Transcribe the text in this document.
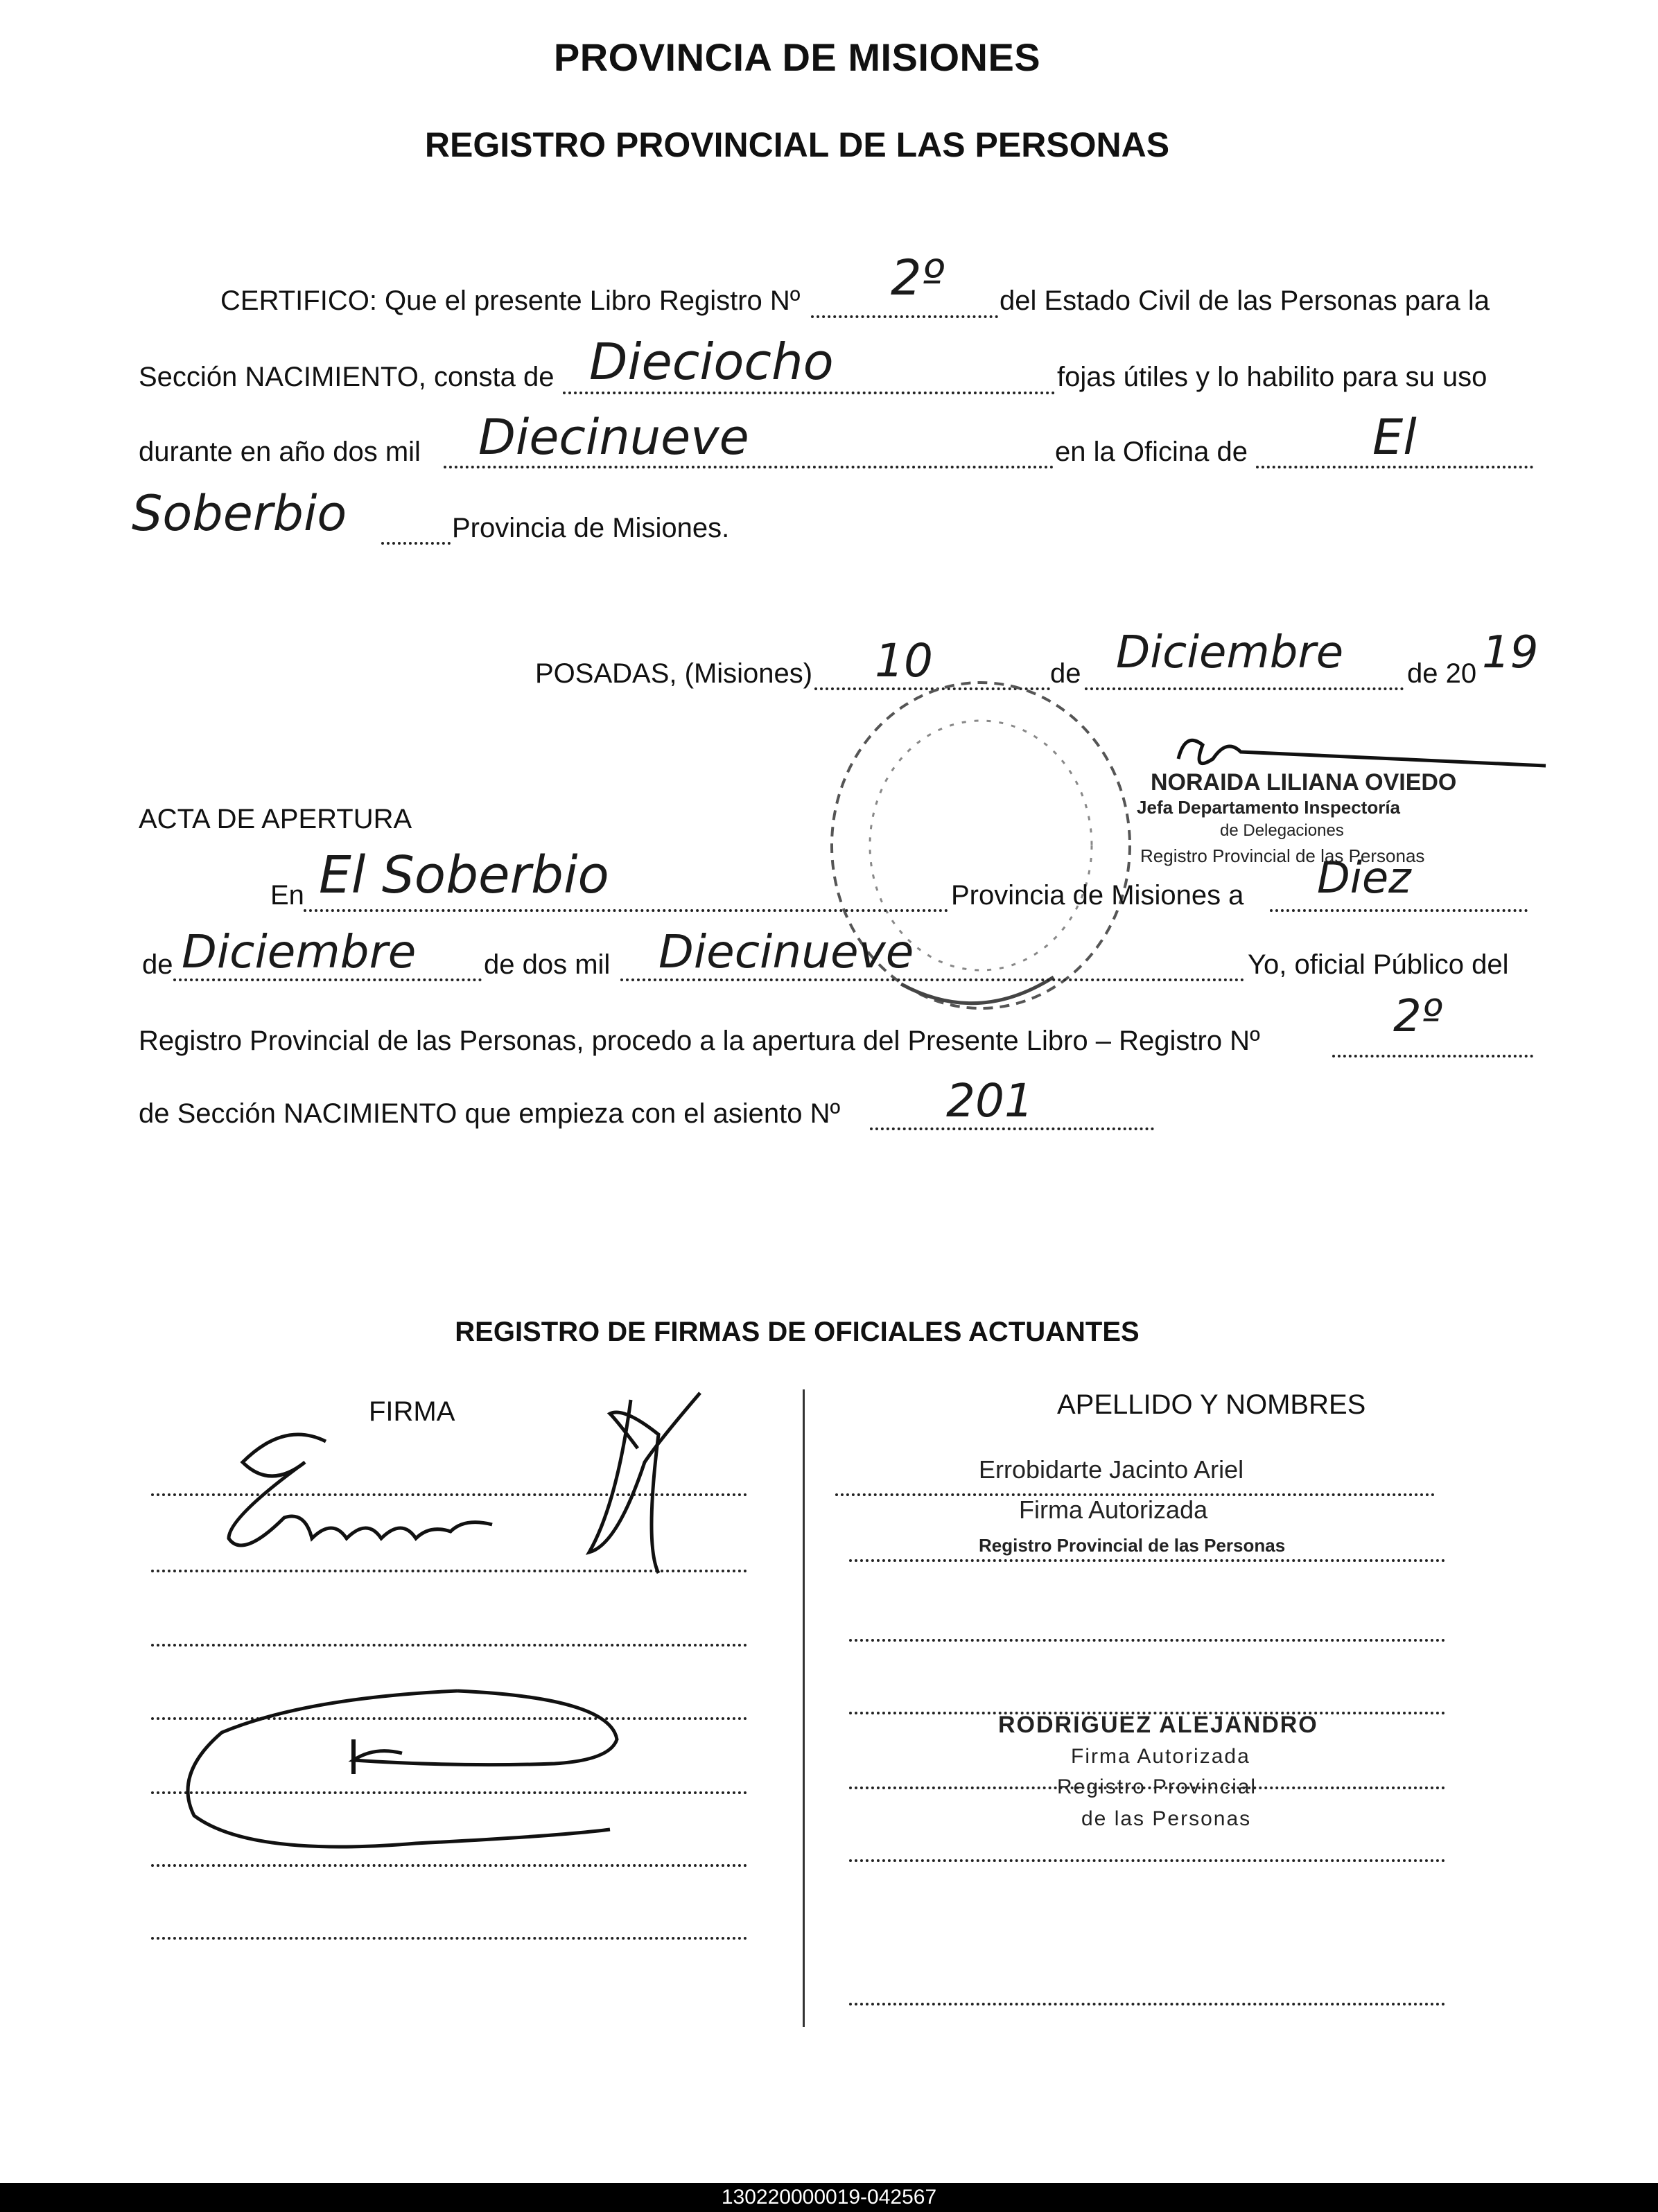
PROVINCIA DE MISIONES
REGISTRO PROVINCIAL DE LAS PERSONAS
CERTIFICO: Que el presente Libro Registro Nº 2º del Estado Civil de las Personas para la
Sección NACIMIENTO, consta de Dieciocho	fojas útiles y lo habilito para su uso
durante en año dos mil Diecinueve	en la Oficina de	El
Soberbio	Provincia de Misiones.
POSADAS, (Misiones) 10	de Diciembre de 20 19
NORAIDA LILIANA OVIEDO
Jefa Departamento Inspectoría
de Delegaciones
Registro Provincial de las Personas
ACTA DE APERTURA
En El Soberbio	Provincia de Misiones a Diez
de Diciembre de dos mil Diecinueve	Yo, oficial Público del
Registro Provincial de las Personas, procedo a la apertura del Presente Libro – Registro Nº	2º
de Sección NACIMIENTO que empieza con el asiento Nº 201
REGISTRO DE FIRMAS DE OFICIALES ACTUANTES
FIRMA	APELLIDO Y NOMBRES
Errobidarte Jacinto Ariel
Firma Autorizada
Registro Provincial de las Personas
RODRIGUEZ ALEJANDRO
Firma Autorizada
Registro Provincial
de las Personas
130220000019-042567
